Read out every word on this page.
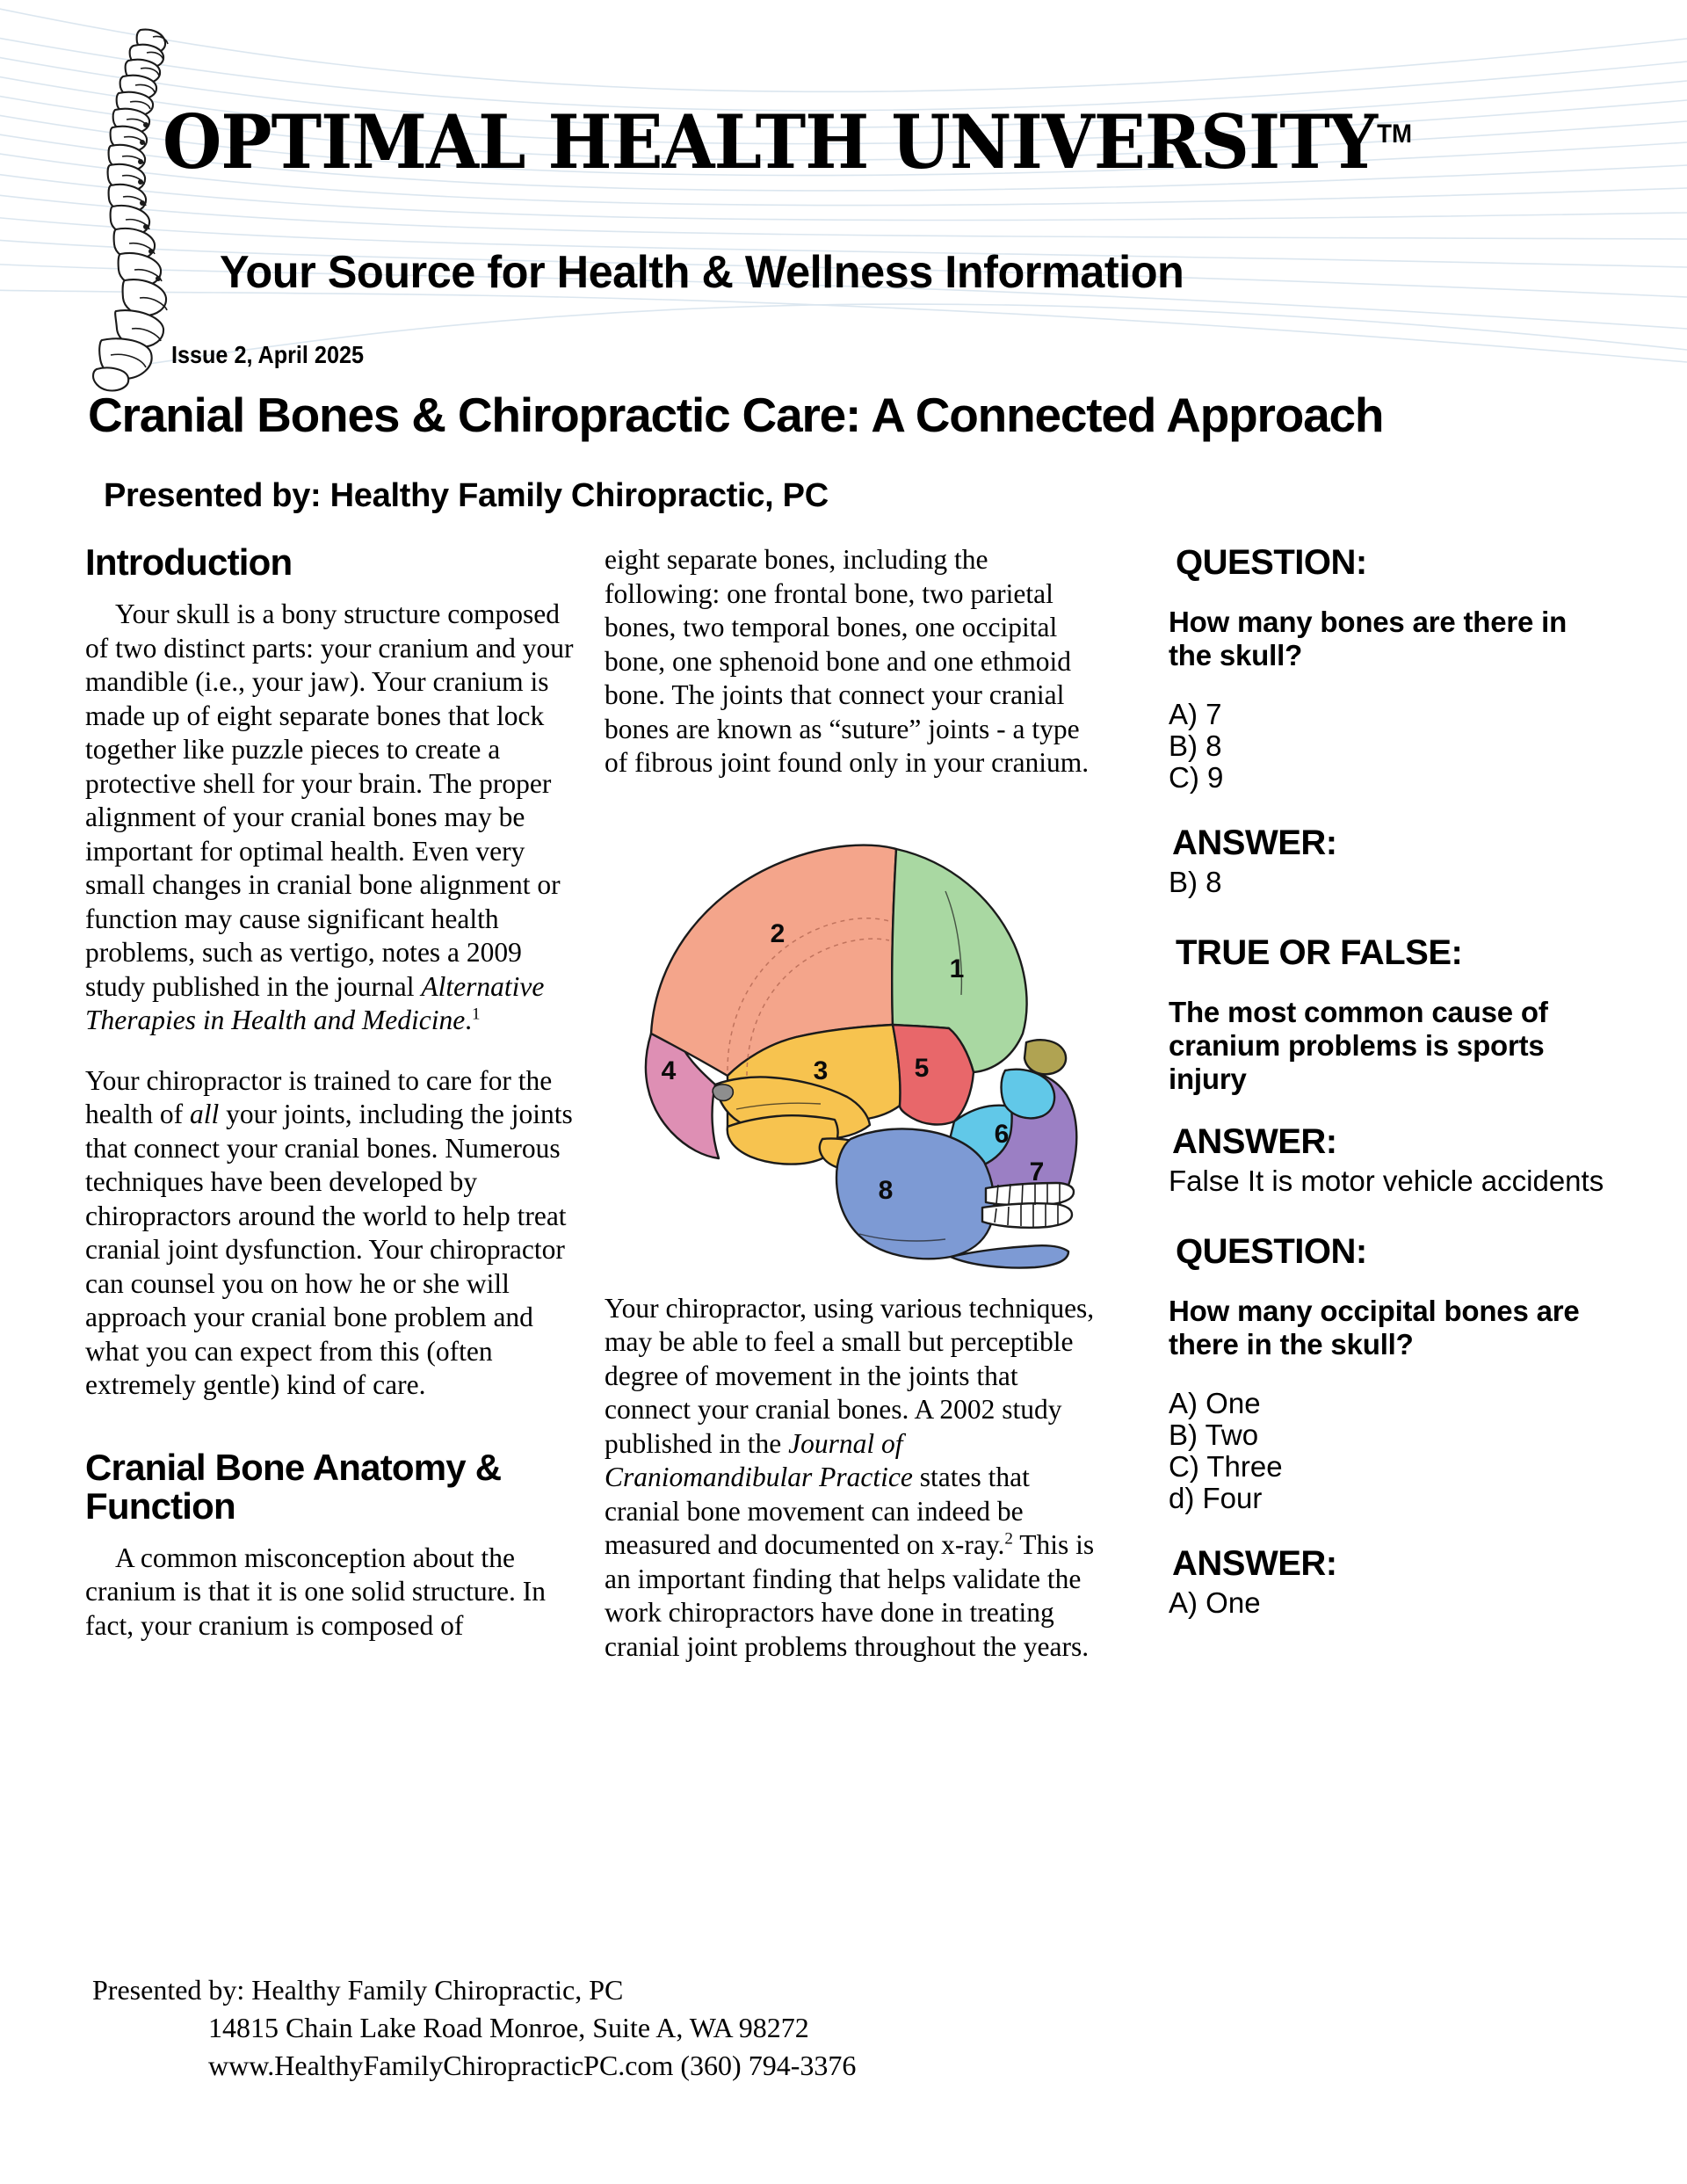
OPTIMAL HEALTH UNIVERSITY™
Your Source for Health & Wellness Information
Issue 2, April 2025
Cranial Bones & Chiropractic Care: A Connected Approach
Presented by: Healthy Family Chiropractic, PC
Introduction

Your skull is a bony structure composed of two distinct parts: your cranium and your mandible (i.e., your jaw). Your cranium is made up of eight separate bones that lock together like puzzle pieces to create a protective shell for your brain. The proper alignment of your cranial bones may be important for optimal health. Even very small changes in cranial bone alignment or function may cause significant health problems, such as vertigo, notes a 2009 study published in the journal Alternative Therapies in Health and Medicine.$^1$

Your chiropractor is trained to care for the health of all your joints, including the joints that connect your cranial bones. Numerous techniques have been developed by chiropractors around the world to help treat cranial joint dysfunction. Your chiropractor can counsel you on how he or she will approach your cranial bone problem and what you can expect from this (often extremely gentle) kind of care.

Cranial Bone Anatomy & Function

A common misconception about the cranium is that it is one solid structure. In fact, your cranium is composed of

eight separate bones, including the following: one frontal bone, two parietal bones, two temporal bones, one occipital bone, one sphenoid bone and one ethmoid bone. The joints that connect your cranial bones are known as “suture” joints - a type of fibrous joint found only in your cranium.

1
2
3
4	5
6
7
8

Your chiropractor, using various techniques, may be able to feel a small but perceptible degree of movement in the joints that connect your cranial bones. A 2002 study published in the Journal of Craniomandibular Practice states that cranial bone movement can indeed be measured and documented on x-ray.$^2$ This is an important finding that helps validate the work chiropractors have done in treating cranial joint problems throughout the years.

QUESTION:
How many bones are there in the skull?
A) 7
B) 8
C) 9
ANSWER:
B) 8
TRUE OR FALSE:
The most common cause of cranium problems is sports injury
ANSWER:
False It is motor vehicle accidents
QUESTION:
How many occipital bones are there in the skull?
A) One
B) Two
C) Three
d) Four
ANSWER:
A) One
Presented by: Healthy Family Chiropractic, PC
14815 Chain Lake Road Monroe, Suite A, WA 98272
www.HealthyFamilyChiropracticPC.com (360) 794-3376
